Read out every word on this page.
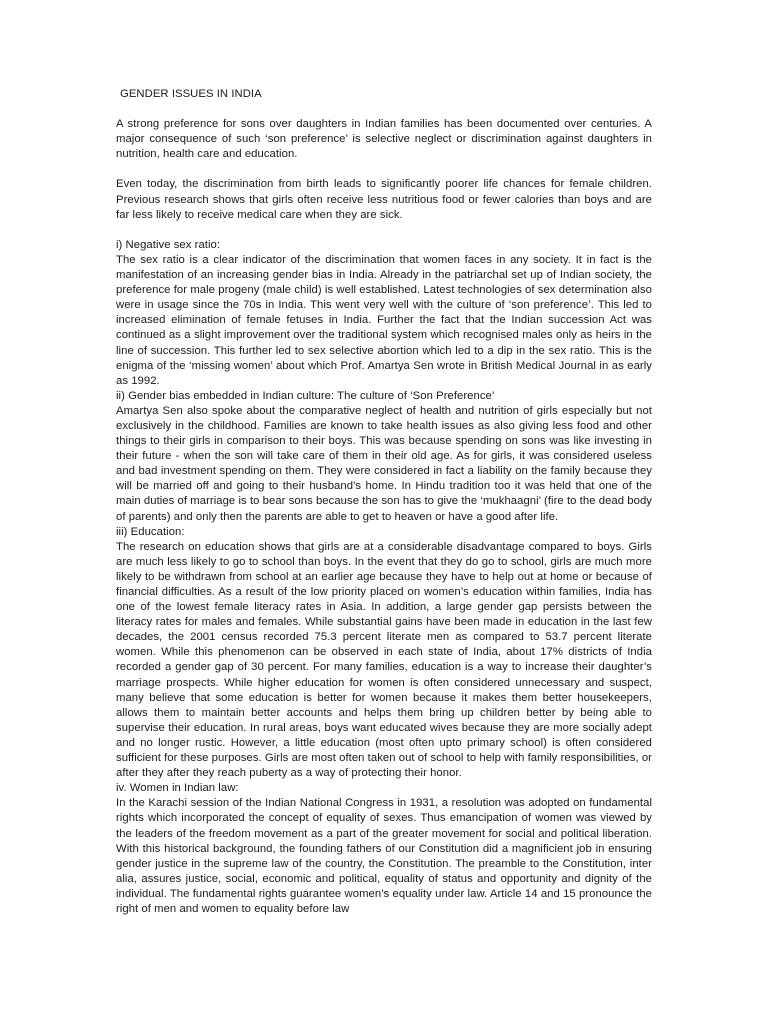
GENDER ISSUES IN INDIA

A strong preference for sons over daughters in Indian families has been documented over centuries. A major consequence of such ‘son preference’ is selective neglect or discrimination against daughters in nutrition, health care and education.

Even today, the discrimination from birth leads to significantly poorer life chances for female children. Previous research shows that girls often receive less nutritious food or fewer calories than boys and are far less likely to receive medical care when they are sick.

i) Negative sex ratio:

The sex ratio is a clear indicator of the discrimination that women faces in any society. It in fact is the manifestation of an increasing gender bias in India. Already in the patriarchal set up of Indian society, the preference for male progeny (male child) is well established. Latest technologies of sex determination also were in usage since the 70s in India. This went very well with the culture of ‘son preference’. This led to increased elimination of female fetuses in India. Further the fact that the Indian succession Act was continued as a slight improvement over the traditional system which recognised males only as heirs in the line of succession. This further led to sex selective abortion which led to a dip in the sex ratio. This is the enigma of the ‘missing women’ about which Prof. Amartya Sen wrote in British Medical Journal in as early as 1992.

ii) Gender bias embedded in Indian culture: The culture of ‘Son Preference’

Amartya Sen also spoke about the comparative neglect of health and nutrition of girls especially but not exclusively in the childhood. Families are known to take health issues as also giving less food and other things to their girls in comparison to their boys. This was because spending on sons was like investing in their future - when the son will take care of them in their old age. As for girls, it was considered useless and bad investment spending on them. They were considered in fact a liability on the family because they will be married off and going to their husband’s home. In Hindu tradition too it was held that one of the main duties of marriage is to bear sons because the son has to give the ‘mukhaagni’ (fire to the dead body of parents) and only then the parents are able to get to heaven or have a good after life.

iii) Education:

The research on education shows that girls are at a considerable disadvantage compared to boys. Girls are much less likely to go to school than boys. In the event that they do go to school, girls are much more likely to be withdrawn from school at an earlier age because they have to help out at home or because of financial difficulties. As a result of the low priority placed on women’s education within families, India has one of the lowest female literacy rates in Asia. In addition, a large gender gap persists between the literacy rates for males and females. While substantial gains have been made in education in the last few decades, the 2001 census recorded 75.3 percent literate men as compared to 53.7 percent literate women. While this phenomenon can be observed in each state of India, about 17% districts of India recorded a gender gap of 30 percent. For many families, education is a way to increase their daughter’s marriage prospects. While higher education for women is often considered unnecessary and suspect, many believe that some education is better for women because it makes them better housekeepers, allows them to maintain better accounts and helps them bring up children better by being able to supervise their education. In rural areas, boys want educated wives because they are more socially adept and no longer rustic. However, a little education (most often upto primary school) is often considered sufficient for these purposes. Girls are most often taken out of school to help with family responsibilities, or after they after they reach puberty as a way of protecting their honor.

iv. Women in Indian law:

In the Karachi session of the Indian National Congress in 1931, a resolution was adopted on fundamental rights which incorporated the concept of equality of sexes. Thus emancipation of women was viewed by the leaders of the freedom movement as a part of the greater movement for social and political liberation. With this historical background, the founding fathers of our Constitution did a magnificient job in ensuring gender justice in the supreme law of the country, the Constitution. The preamble to the Constitution, inter alia, assures justice, social, economic and political, equality of status and opportunity and dignity of the individual. The fundamental rights guarantee women’s equality under law. Article 14 and 15 pronounce the right of men and women to equality before law
